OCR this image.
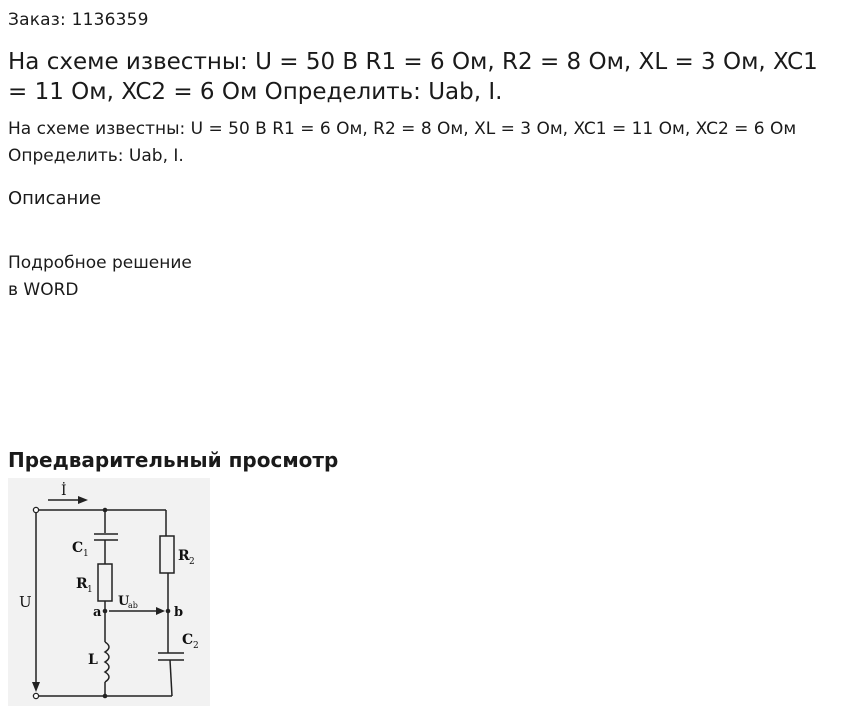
Заказ: 1136359
На схеме известны: U = 50 В R1 = 6 Ом, R2 = 8 Ом, XL = 3 Ом, XC1 = 11 Ом, XC2 = 6 Ом Определить: Uab, I.
На схеме известны: U = 50 В R1 = 6 Ом, R2 = 8 Ом, XL = 3 Ом, XC1 = 11 Ом, XC2 = 6 Ом Определить: Uab, I.
Описание
Подробное решение
в WORD
Предварительный просмотр
İ
U
C 1
R 1
R 2
a	b
U
ab
L
C 2
